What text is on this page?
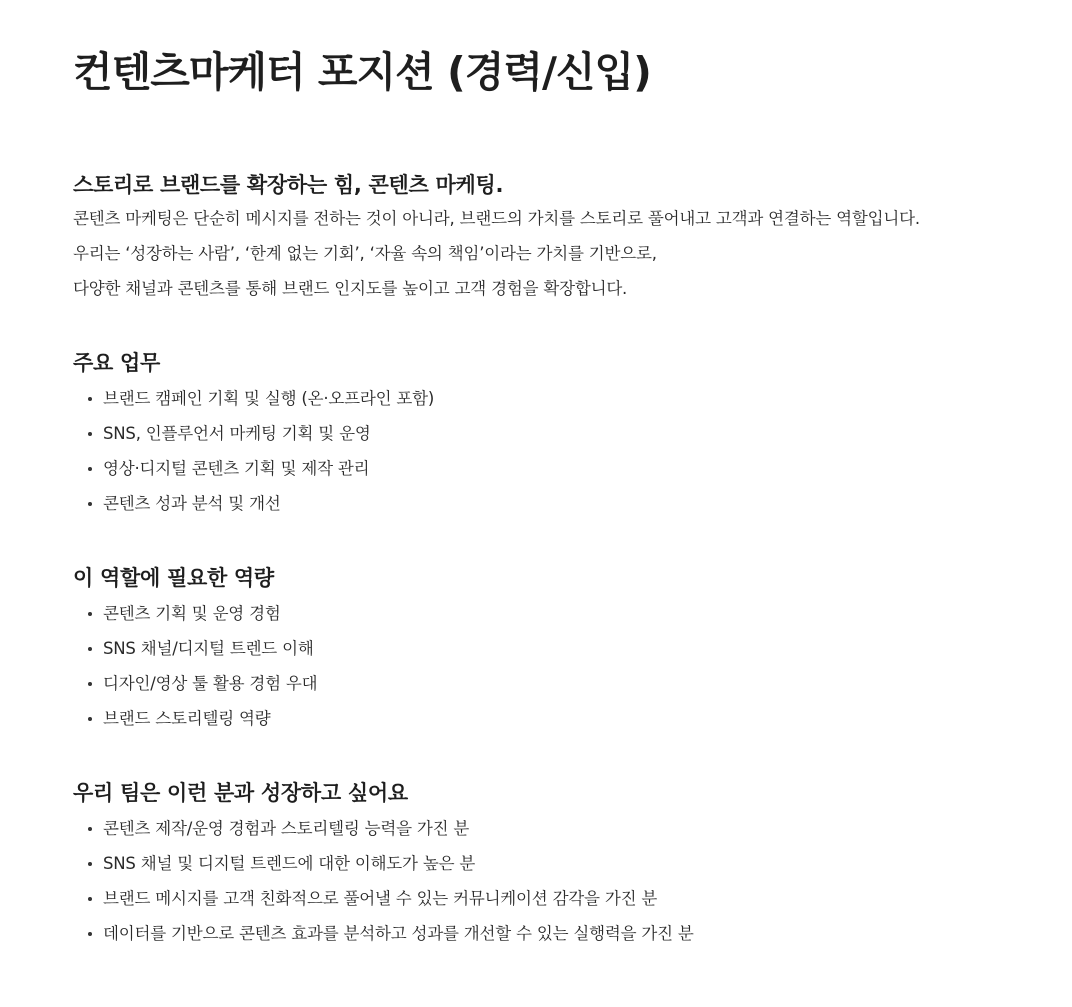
컨텐츠마케터 포지션 (경력/신입)
스토리로 브랜드를 확장하는 힘, 콘텐츠 마케팅.

콘텐츠 마케팅은 단순히 메시지를 전하는 것이 아니라, 브랜드의 가치를 스토리로 풀어내고 고객과 연결하는 역할입니다.

우리는 ‘성장하는 사람’, ‘한계 없는 기회’, ‘자율 속의 책임’이라는 가치를 기반으로,

다양한 채널과 콘텐츠를 통해 브랜드 인지도를 높이고 고객 경험을 확장합니다.

주요 업무
브랜드 캠페인 기획 및 실행 (온·오프라인 포함)
SNS, 인플루언서 마케팅 기획 및 운영
영상·디지털 콘텐츠 기획 및 제작 관리
콘텐츠 성과 분석 및 개선
이 역할에 필요한 역량
콘텐츠 기획 및 운영 경험
SNS 채널/디지털 트렌드 이해
디자인/영상 툴 활용 경험 우대
브랜드 스토리텔링 역량
우리 팀은 이런 분과 성장하고 싶어요
콘텐츠 제작/운영 경험과 스토리텔링 능력을 가진 분
SNS 채널 및 디지털 트렌드에 대한 이해도가 높은 분
브랜드 메시지를 고객 친화적으로 풀어낼 수 있는 커뮤니케이션 감각을 가진 분
데이터를 기반으로 콘텐츠 효과를 분석하고 성과를 개선할 수 있는 실행력을 가진 분
